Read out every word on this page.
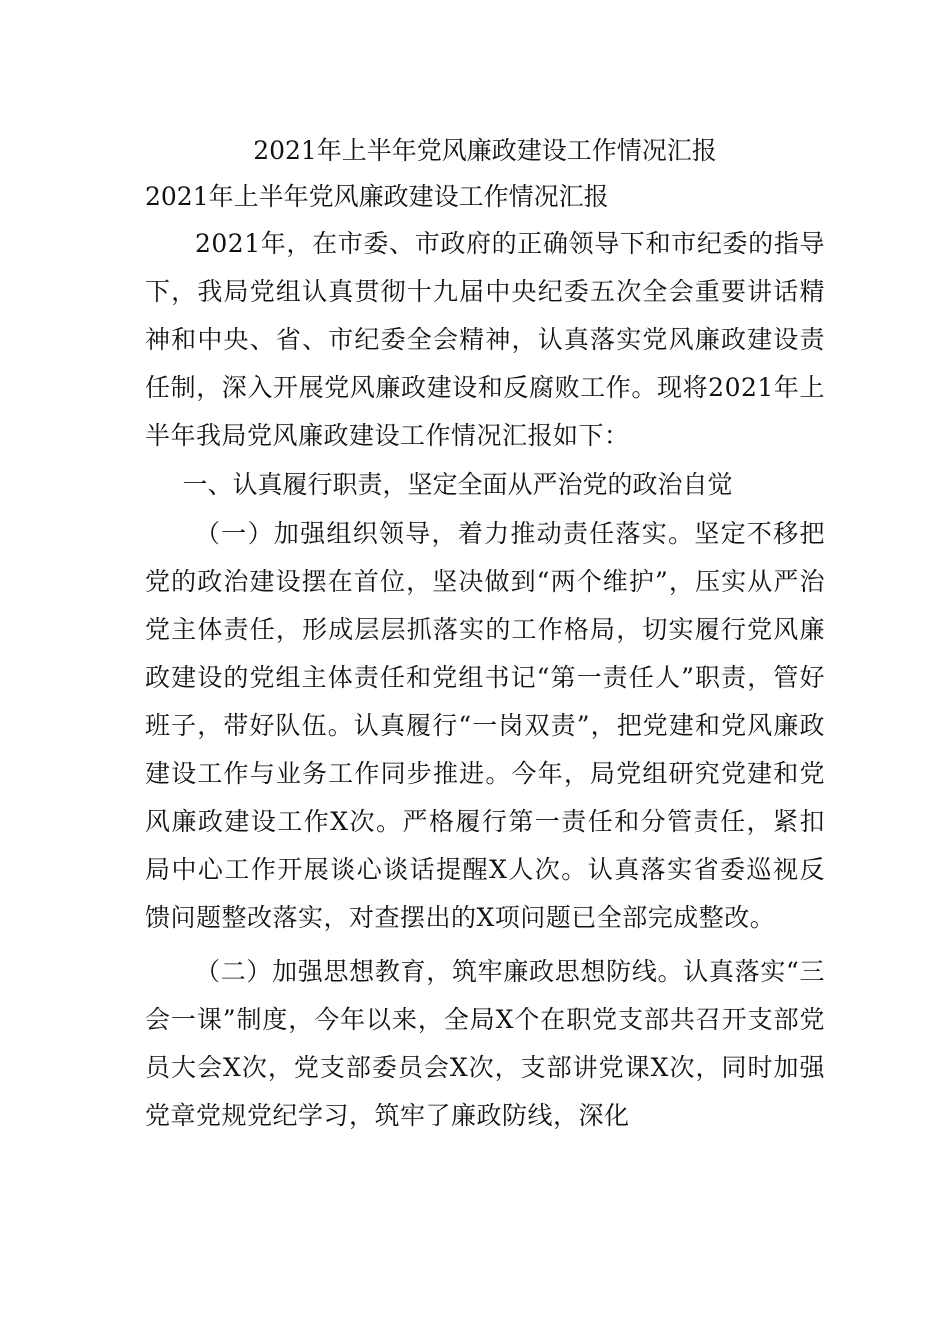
2021年上半年党风廉政建设工作情况汇报
2021年上半年党风廉政建设工作情况汇报

2021年，在市委、市政府的正确领导下和市纪委的指导下，我局党组认真贯彻十九届中央纪委五次全会重要讲话精神和中央、省、市纪委全会精神，认真落实党风廉政建设责任制，深入开展党风廉政建设和反腐败工作。现将2021年上半年我局党风廉政建设工作情况汇报如下：

一、认真履行职责，坚定全面从严治党的政治自觉

（一）加强组织领导，着力推动责任落实。坚定不移把党的政治建设摆在首位，坚决做到“两个维护”，压实从严治党主体责任，形成层层抓落实的工作格局，切实履行党风廉政建设的党组主体责任和党组书记“第一责任人”职责，管好班子，带好队伍。认真履行“一岗双责”，把党建和党风廉政建设工作与业务工作同步推进。今年，局党组研究党建和党风廉政建设工作X次。严格履行第一责任和分管责任，紧扣局中心工作开展谈心谈话提醒X人次。认真落实省委巡视反馈问题整改落实，对查摆出的X项问题已全部完成整改。

（二）加强思想教育，筑牢廉政思想防线。认真落实“三会一课”制度，今年以来，全局X个在职党支部共召开支部党员大会X次，党支部委员会X次，支部讲党课X次，同时加强党章党规党纪学习，筑牢了廉政防线，深化
